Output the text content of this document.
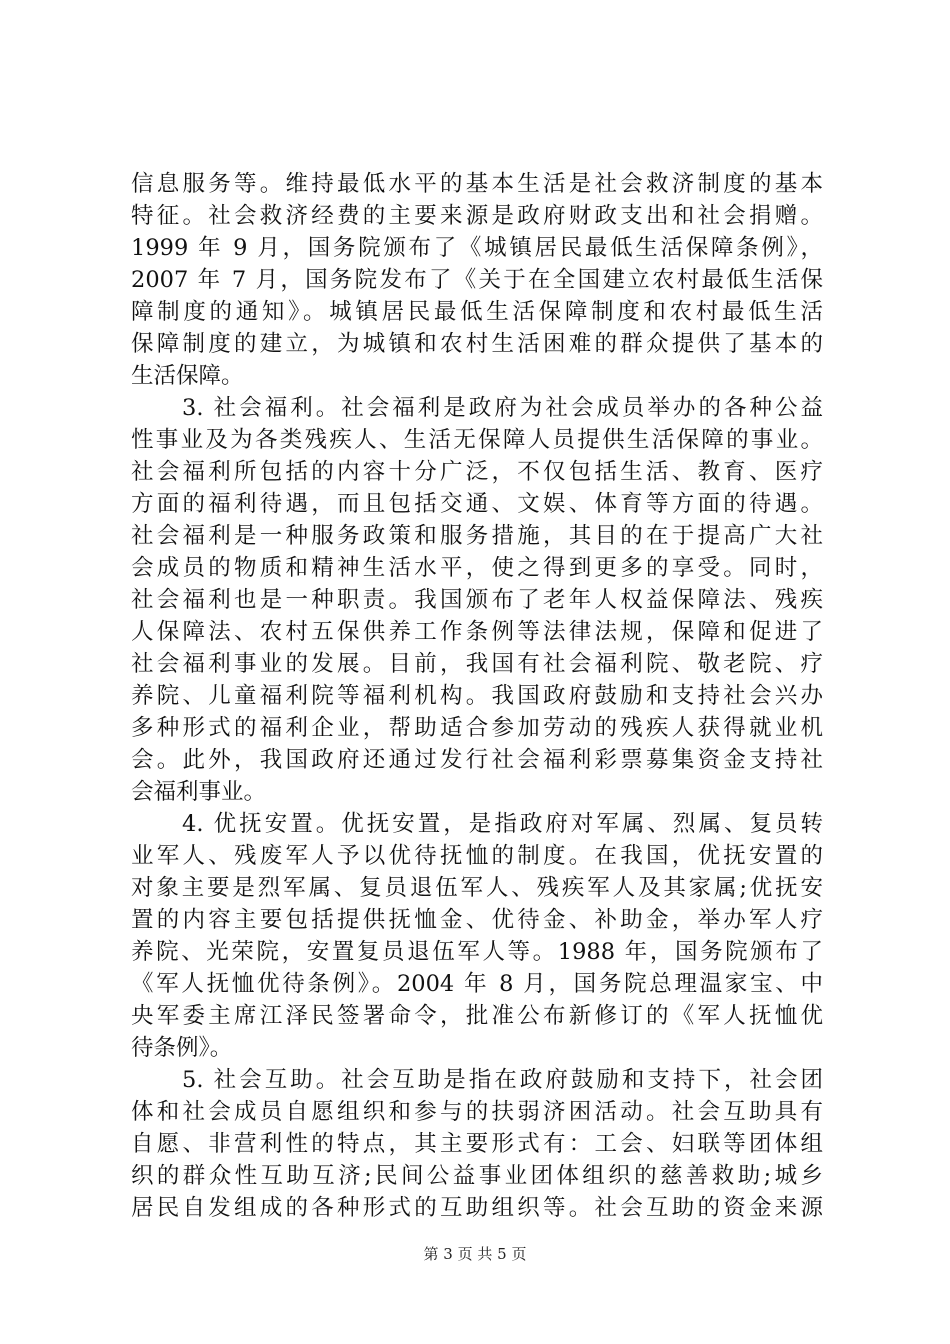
信息服务等。维持最低水平的基本生活是社会救济制度的基本
特征。社会救济经费的主要来源是政府财政支出和社会捐赠。
1999 年 9 月，国务院颁布了《城镇居民最低生活保障条例》，
2007 年 7 月，国务院发布了《关于在全国建立农村最低生活保
障制度的通知》。城镇居民最低生活保障制度和农村最低生活
保障制度的建立，为城镇和农村生活困难的群众提供了基本的
生活保障。
　　3. 社会福利。社会福利是政府为社会成员举办的各种公益
性事业及为各类残疾人、生活无保障人员提供生活保障的事业。
社会福利所包括的内容十分广泛，不仅包括生活、教育、医疗
方面的福利待遇，而且包括交通、文娱、体育等方面的待遇。
社会福利是一种服务政策和服务措施，其目的在于提高广大社
会成员的物质和精神生活水平，使之得到更多的享受。同时，
社会福利也是一种职责。我国颁布了老年人权益保障法、残疾
人保障法、农村五保供养工作条例等法律法规，保障和促进了
社会福利事业的发展。目前，我国有社会福利院、敬老院、疗
养院、儿童福利院等福利机构。我国政府鼓励和支持社会兴办
多种形式的福利企业，帮助适合参加劳动的残疾人获得就业机
会。此外，我国政府还通过发行社会福利彩票募集资金支持社
会福利事业。
　　4. 优抚安置。优抚安置，是指政府对军属、烈属、复员转
业军人、残废军人予以优待抚恤的制度。在我国，优抚安置的
对象主要是烈军属、复员退伍军人、残疾军人及其家属;优抚安
置的内容主要包括提供抚恤金、优待金、补助金，举办军人疗
养院、光荣院，安置复员退伍军人等。1988 年，国务院颁布了
《军人抚恤优待条例》。2004 年 8 月，国务院总理温家宝、中
央军委主席江泽民签署命令，批准公布新修订的《军人抚恤优
待条例》。
　　5. 社会互助。社会互助是指在政府鼓励和支持下，社会团
体和社会成员自愿组织和参与的扶弱济困活动。社会互助具有
自愿、非营利性的特点，其主要形式有：工会、妇联等团体组
织的群众性互助互济;民间公益事业团体组织的慈善救助;城乡
居民自发组成的各种形式的互助组织等。社会互助的资金来源
第 3 页 共 5 页
